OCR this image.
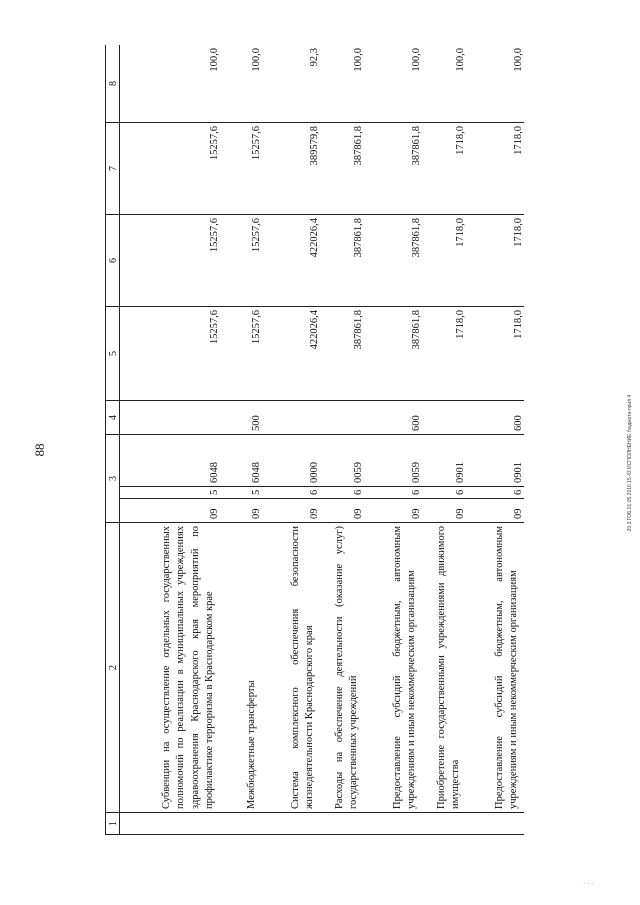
88	20.3 ГОБ.01.05.2016 15.43 ИСПОЛНЕНИЕ бюджета-прил 4
· · ·
1	2	3			4	5	6	7	8
	Субвенции на осуществление отдельных государственных полномочий по реализации в муниципальных учреждениях здравоохранения Краснодарского края мероприятий по профилактике терроризма в Краснодарском крае	09	5	6048		15257,6	15257,6	15257,6	100,0
	Межбюджетные трансферты	09	5	6048	500	15257,6	15257,6	15257,6	100,0
	Система комплексного обеспечения безопасности жизнедеятельности Краснодарского края	09	6	0000		422026,4	422026,4	389579,8	92,3
	Расходы на обеспечение деятельности (оказание услуг) государственных учреждений	09	6	0059		387861,8	387861,8	387861,8	100,0
	Предоставление субсидий бюджетным, автономным учреждениям и иным некоммерческим организациям	09	6	0059	600	387861,8	387861,8	387861,8	100,0
	Приобретение государственными учреждениями движимого имущества	09	6	0901		1718,0	1718,0	1718,0	100,0
	Предоставление субсидий бюджетным, автономным учреждениям и иным некоммерческим организациям	09	6	0901	600	1718,0	1718,0	1718,0	100,0
